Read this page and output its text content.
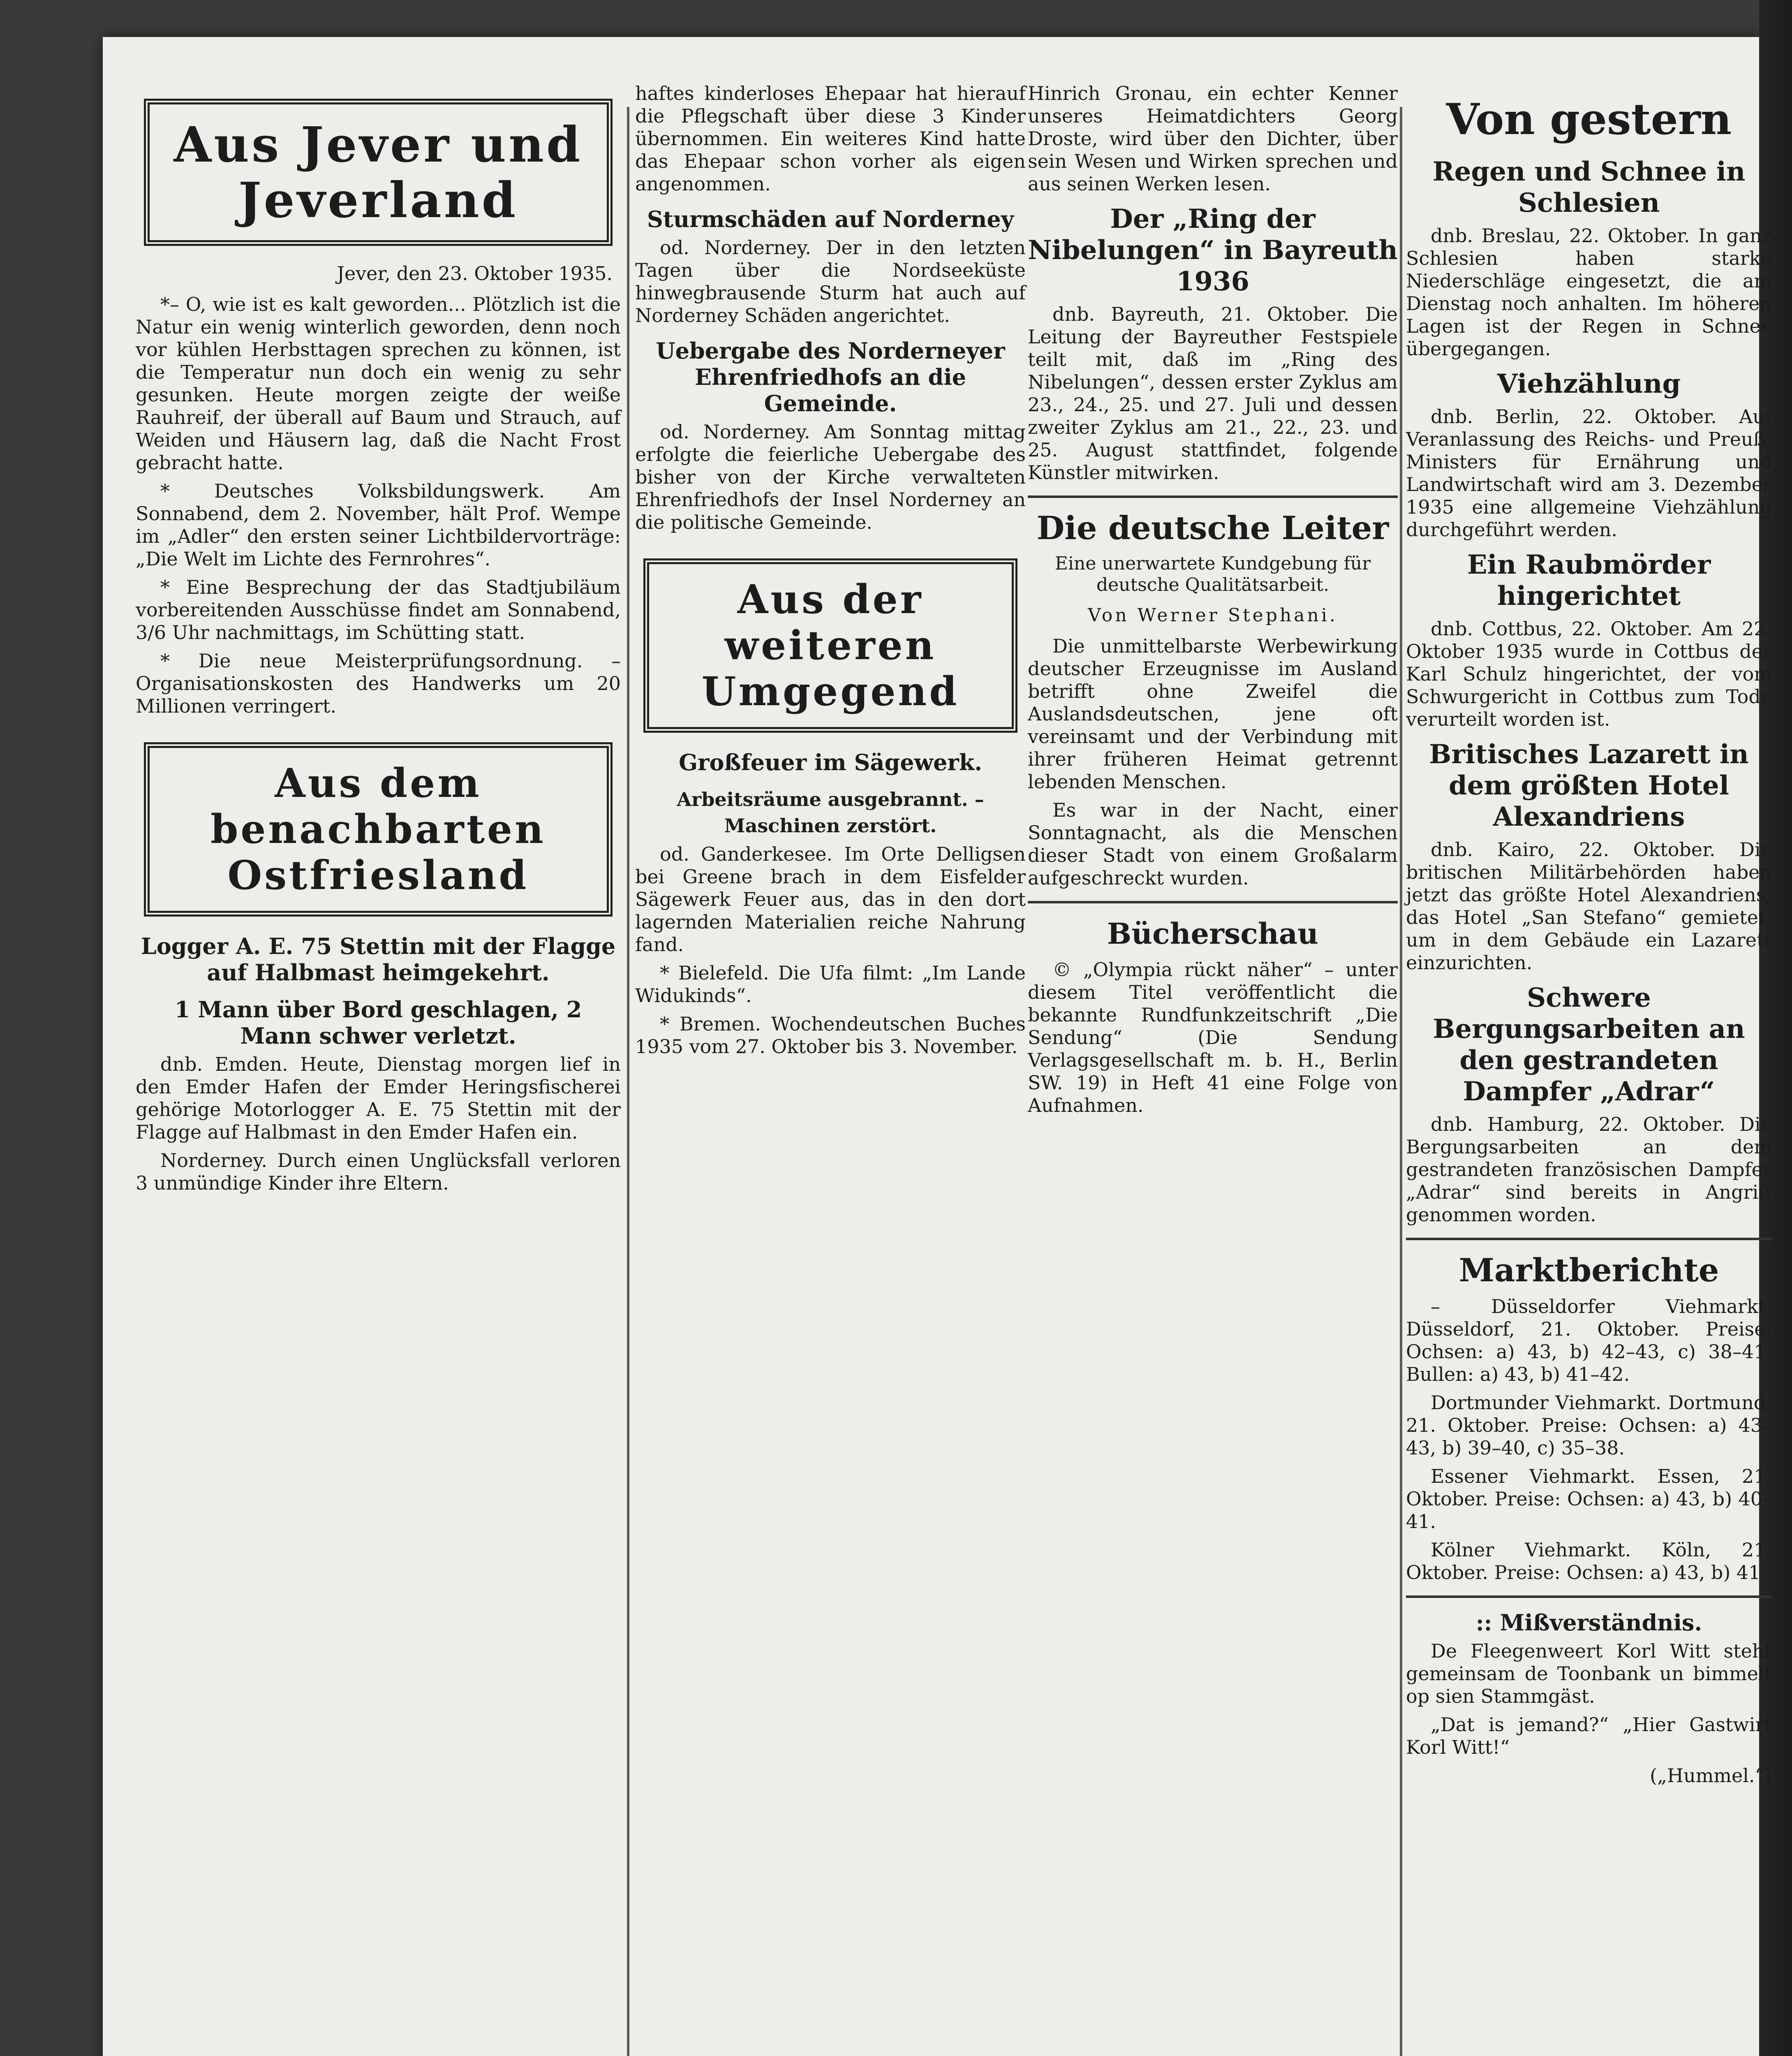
Aus Jever und Jeverland
Jever, den 23. Oktober 1935.

*– O, wie ist es kalt geworden... Plötzlich ist die Natur ein wenig winterlich geworden, denn noch vor kühlen Herbsttagen sprechen zu können, ist die Temperatur nun doch ein wenig zu sehr gesunken. Heute morgen zeigte der weiße Rauhreif, der überall auf Baum und Strauch, auf Weiden und Häusern lag, daß die Nacht Frost gebracht hatte.

* Deutsches Volksbildungswerk. Am Sonnabend, dem 2. November, hält Prof. Wempe im „Adler“ den ersten seiner Lichtbildervorträge: „Die Welt im Lichte des Fernrohres“.

* Eine Besprechung der das Stadtjubiläum vorbereitenden Ausschüsse findet am Sonnabend, 3/6 Uhr nachmittags, im Schütting statt.

* Die neue Meisterprüfungsordnung. – Organisationskosten des Handwerks um 20 Millionen verringert.

Aus dem benachbarten Ostfriesland
Logger A. E. 75 Stettin mit der Flagge auf Halbmast heimgekehrt.
1 Mann über Bord geschlagen, 2 Mann schwer verletzt.

dnb. Emden. Heute, Dienstag morgen lief in den Emder Hafen der Emder Heringsfischerei gehörige Motorlogger A. E. 75 Stettin mit der Flagge auf Halbmast in den Emder Hafen ein.

Norderney. Durch einen Unglücksfall verloren 3 unmündige Kinder ihre Eltern.

haftes kinderloses Ehepaar hat hierauf die Pflegschaft über diese 3 Kinder übernommen. Ein weiteres Kind hatte das Ehepaar schon vorher als eigen angenommen.

Sturmschäden auf Norderney

od. Norderney. Der in den letzten Tagen über die Nordseeküste hinwegbrausende Sturm hat auch auf Norderney Schäden angerichtet.

Uebergabe des Norderneyer Ehrenfriedhofs an die Gemeinde.

od. Norderney. Am Sonntag mittag erfolgte die feierliche Uebergabe des bisher von der Kirche verwalteten Ehrenfriedhofs der Insel Norderney an die politische Gemeinde.

Aus der weiteren Umgegend
Großfeuer im Sägewerk.
Arbeitsräume ausgebrannt. – Maschinen zerstört.

od. Ganderkesee. Im Orte Delligsen bei Greene brach in dem Eisfelder Sägewerk Feuer aus, das in den dort lagernden Materialien reiche Nahrung fand.

* Bielefeld. Die Ufa filmt: „Im Lande Widukinds“.

* Bremen. Wochendeutschen Buches 1935 vom 27. Oktober bis 3. November.

Hinrich Gronau, ein echter Kenner unseres Heimatdichters Georg Droste, wird über den Dichter, über sein Wesen und Wirken sprechen und aus seinen Werken lesen.

Der „Ring der Nibelungen“ in Bayreuth 1936

dnb. Bayreuth, 21. Oktober. Die Leitung der Bayreuther Festspiele teilt mit, daß im „Ring des Nibelungen“, dessen erster Zyklus am 23., 24., 25. und 27. Juli und dessen zweiter Zyklus am 21., 22., 23. und 25. August stattfindet, folgende Künstler mitwirken.

Die deutsche Leiter
Eine unerwartete Kundgebung für deutsche Qualitätsarbeit.
Von Werner Stephani.

Die unmittelbarste Werbewirkung deutscher Erzeugnisse im Ausland betrifft ohne Zweifel die Auslandsdeutschen, jene oft vereinsamt und der Verbindung mit ihrer früheren Heimat getrennt lebenden Menschen.

Es war in der Nacht, einer Sonntagnacht, als die Menschen dieser Stadt von einem Großalarm aufgeschreckt wurden.

Bücherschau

© „Olympia rückt näher“ – unter diesem Titel veröffentlicht die bekannte Rundfunkzeitschrift „Die Sendung“ (Die Sendung Verlagsgesellschaft m. b. H., Berlin SW. 19) in Heft 41 eine Folge von Aufnahmen.

Von gestern
Regen und Schnee in Schlesien

dnb. Breslau, 22. Oktober. In ganz Schlesien haben starke Niederschläge eingesetzt, die am Dienstag noch anhalten. Im höheren Lagen ist der Regen in Schnee übergegangen.

Viehzählung

dnb. Berlin, 22. Oktober. Auf Veranlassung des Reichs- und Preuß. Ministers für Ernährung und Landwirtschaft wird am 3. Dezember 1935 eine allgemeine Viehzählung durchgeführt werden.

Ein Raubmörder hingerichtet

dnb. Cottbus, 22. Oktober. Am 22. Oktober 1935 wurde in Cottbus der Karl Schulz hingerichtet, der vom Schwurgericht in Cottbus zum Tode verurteilt worden ist.

Britisches Lazarett in dem größten Hotel Alexandriens

dnb. Kairo, 22. Oktober. Die britischen Militärbehörden haben jetzt das größte Hotel Alexandriens, das Hotel „San Stefano“ gemietet, um in dem Gebäude ein Lazarett einzurichten.

Schwere Bergungsarbeiten an den gestrandeten Dampfer „Adrar“

dnb. Hamburg, 22. Oktober. Die Bergungsarbeiten an dem gestrandeten französischen Dampfer „Adrar“ sind bereits in Angriff genommen worden.

Marktberichte

– Düsseldorfer Viehmarkt. Düsseldorf, 21. Oktober. Preise: Ochsen: a) 43, b) 42–43, c) 38–41. Bullen: a) 43, b) 41–42.

Dortmunder Viehmarkt. Dortmund, 21. Oktober. Preise: Ochsen: a) 43–43, b) 39–40, c) 35–38.

Essener Viehmarkt. Essen, 21. Oktober. Preise: Ochsen: a) 43, b) 40–41.

Kölner Viehmarkt. Köln, 21. Oktober. Preise: Ochsen: a) 43, b) 41.

:: Mißverständnis.

De Fleegenweert Korl Witt steht gemeinsam de Toonbank un bimmelt op sien Stammgäst.

„Dat is jemand?“ „Hier Gastwirt Korl Witt!“

(„Hummel.“)
